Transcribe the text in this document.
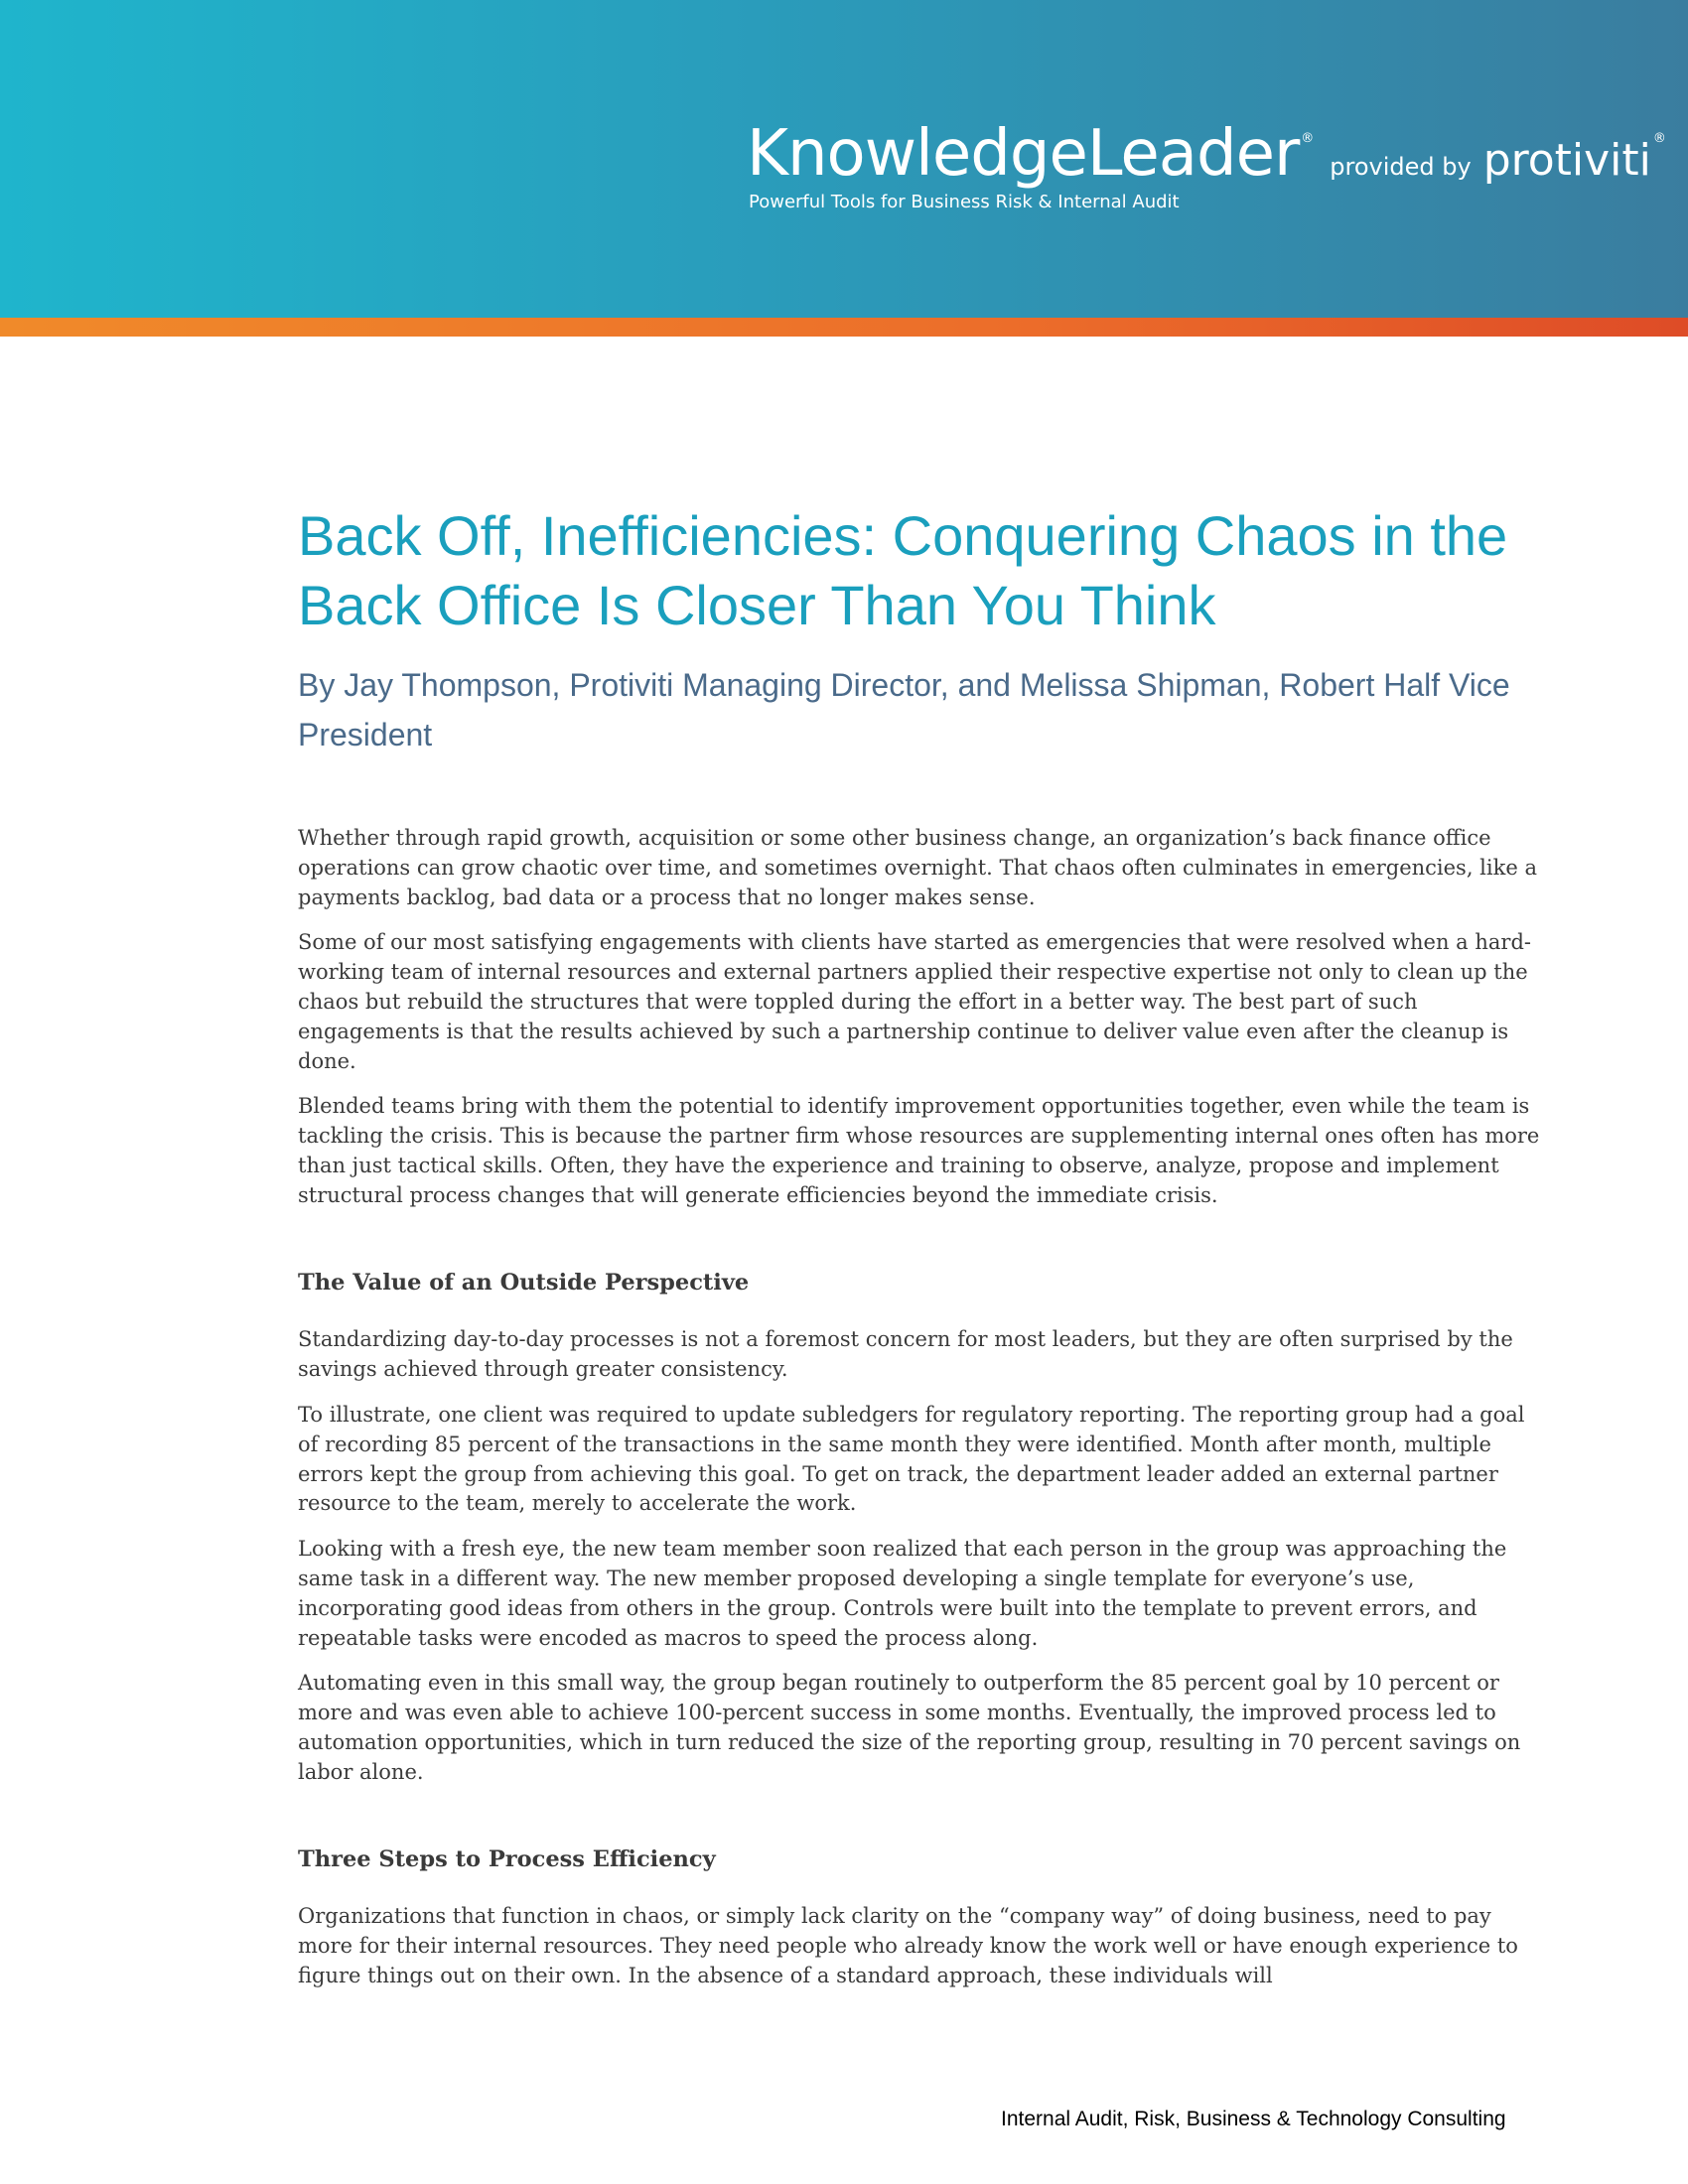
KnowledgeLeader ® provided by protiviti ®
Powerful Tools for Business Risk & Internal Audit
Back Off, Inefficiencies: Conquering Chaos in the Back Office Is Closer Than You Think

By Jay Thompson, Protiviti Managing Director, and Melissa Shipman, Robert Half Vice President

Whether through rapid growth, acquisition or some other business change, an organization’s back finance office operations can grow chaotic over time, and sometimes overnight. That chaos often culminates in emergencies, like a payments backlog, bad data or a process that no longer makes sense.

Some of our most satisfying engagements with clients have started as emergencies that were resolved when a hard-working team of internal resources and external partners applied their respective expertise not only to clean up the chaos but rebuild the structures that were toppled during the effort in a better way. The best part of such engagements is that the results achieved by such a partnership continue to deliver value even after the cleanup is done.

Blended teams bring with them the potential to identify improvement opportunities together, even while the team is tackling the crisis. This is because the partner firm whose resources are supplementing internal ones often has more than just tactical skills. Often, they have the experience and training to observe, analyze, propose and implement structural process changes that will generate efficiencies beyond the immediate crisis.

The Value of an Outside Perspective

Standardizing day-to-day processes is not a foremost concern for most leaders, but they are often surprised by the savings achieved through greater consistency.

To illustrate, one client was required to update subledgers for regulatory reporting. The reporting group had a goal of recording 85 percent of the transactions in the same month they were identified. Month after month, multiple errors kept the group from achieving this goal. To get on track, the department leader added an external partner resource to the team, merely to accelerate the work.

Looking with a fresh eye, the new team member soon realized that each person in the group was approaching the same task in a different way. The new member proposed developing a single template for everyone’s use, incorporating good ideas from others in the group. Controls were built into the template to prevent errors, and repeatable tasks were encoded as macros to speed the process along.

Automating even in this small way, the group began routinely to outperform the 85 percent goal by 10 percent or more and was even able to achieve 100-percent success in some months. Eventually, the improved process led to automation opportunities, which in turn reduced the size of the reporting group, resulting in 70 percent savings on labor alone.

Three Steps to Process Efficiency

Organizations that function in chaos, or simply lack clarity on the “company way” of doing business, need to pay more for their internal resources. They need people who already know the work well or have enough experience to figure things out on their own. In the absence of a standard approach, these individuals will

Internal Audit, Risk, Business & Technology Consulting
